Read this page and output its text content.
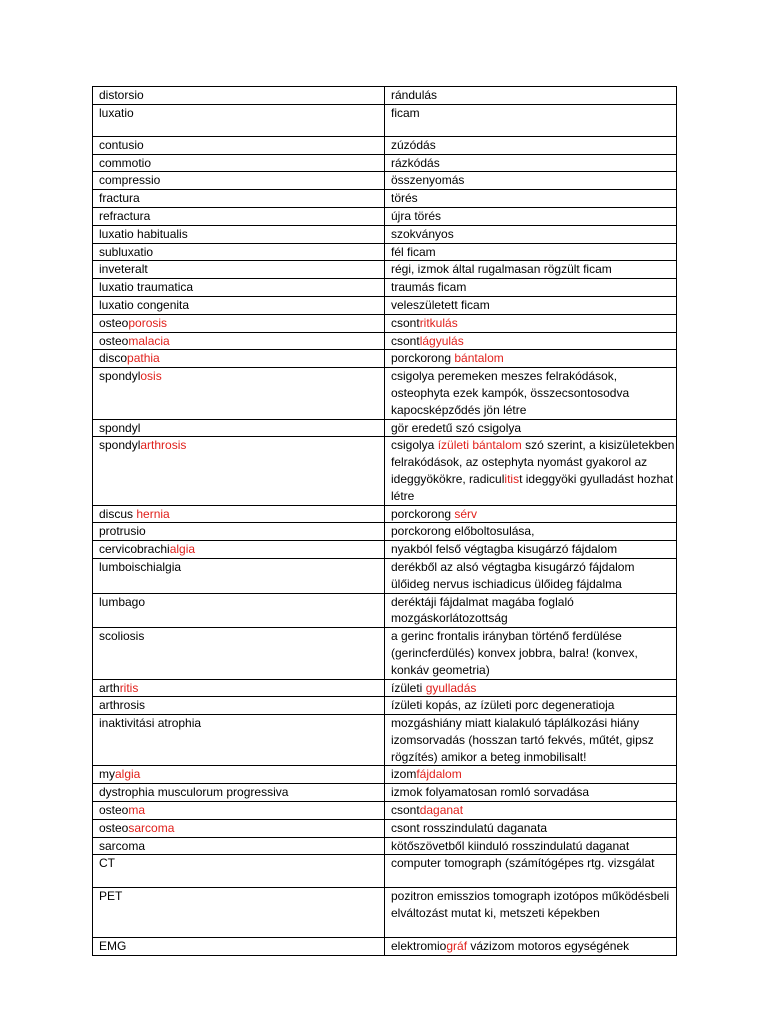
distorsio	rándulás
luxatio	ficam
contusio	zúzódás
commotio	rázkódás
compressio	összenyomás
fractura	törés
refractura	újra törés
luxatio habitualis	szokványos
subluxatio	fél ficam
inveteralt	régi, izmok által rugalmasan rögzült ficam
luxatio traumatica	traumás ficam
luxatio congenita	veleszületett ficam
osteoporosis	csontritkulás
osteomalacia	csontlágyulás
discopathia	porckorong bántalom
spondylosis	csigolya peremeken meszes felrakódások, osteophyta ezek kampók, összecsontosodva kapocsképződés jön létre
spondyl	gör eredetű szó csigolya
spondylarthrosis	csigolya ízületi bántalom szó szerint, a kisizületekben felrakódások, az ostephyta nyomást gyakorol az ideggyökökre, radiculitist ideggyöki gyulladást hozhat létre
discus hernia	porckorong sérv
protrusio	porckorong előboltosulása,
cervicobrachialgia	nyakból felső végtagba kisugárzó fájdalom
lumboischialgia	derékből az alsó végtagba kisugárzó fájdalom ülőideg nervus ischiadicus ülőideg fájdalma
lumbago	deréktáji fájdalmat magába foglaló mozgáskorlátozottság
scoliosis	a gerinc frontalis irányban történő ferdülése (gerincferdülés) konvex jobbra, balra! (konvex, konkáv geometria)
arthritis	ízületi gyulladás
arthrosis	ízületi kopás, az ízületi porc degeneratioja
inaktivitási atrophia	mozgáshiány miatt kialakuló táplálkozási hiány izomsorvadás (hosszan tartó fekvés, műtét, gipsz rögzítés) amikor a beteg inmobilisalt!
myalgia	izomfájdalom
dystrophia musculorum progressiva	izmok folyamatosan romló sorvadása
osteoma	csontdaganat
osteosarcoma	csont rosszindulatú daganata
sarcoma	kötőszövetből kiinduló rosszindulatú daganat
CT	computer tomograph (számítógépes rtg. vizsgálat
PET	pozitron emisszios tomograph izotópos működésbeli elváltozást mutat ki, metszeti képekben
EMG	elektromiográf vázizom motoros egységének
